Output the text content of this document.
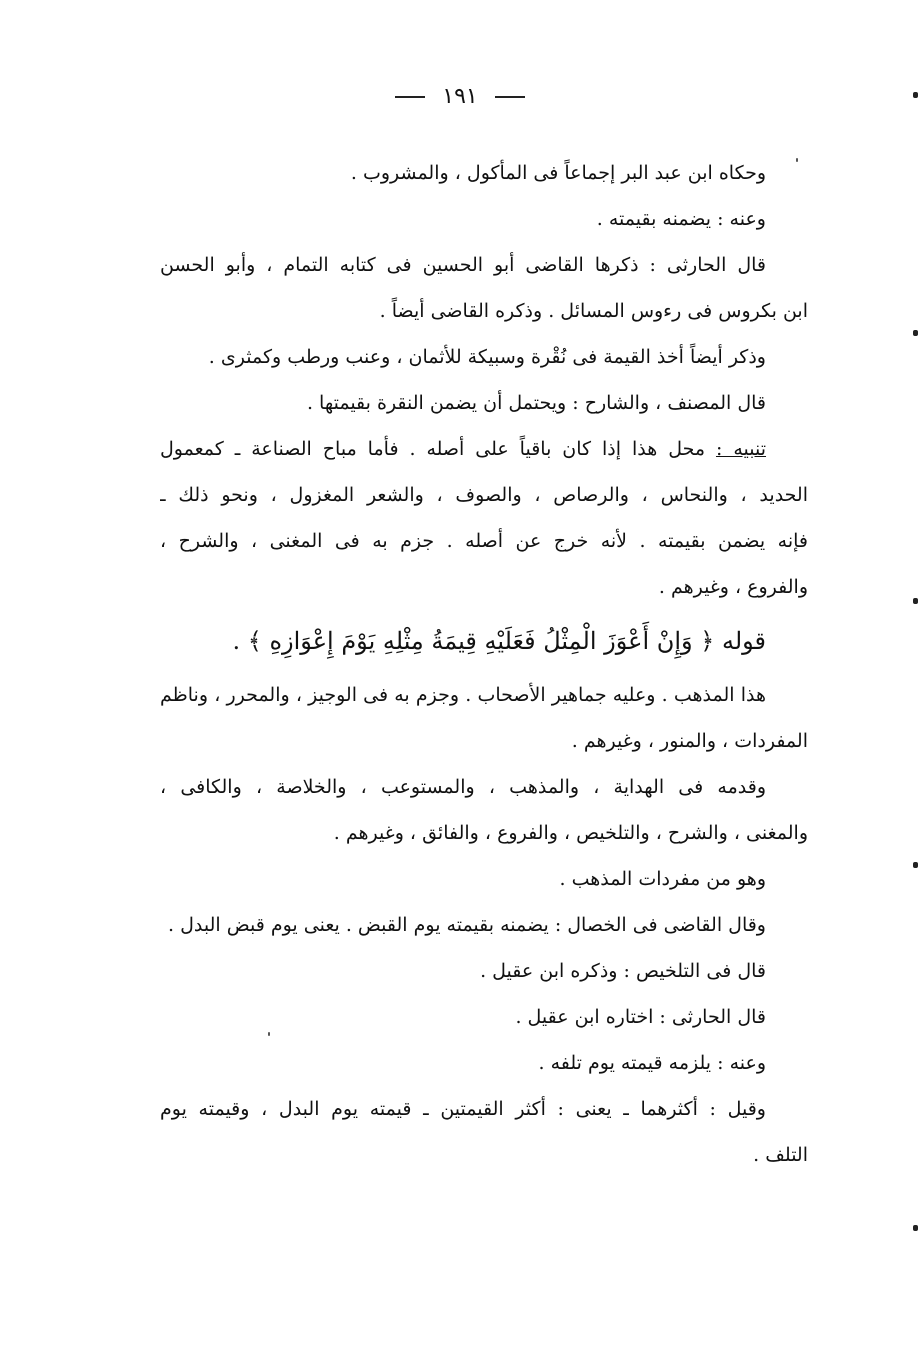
١٩١
وحكاه ابن عبد البر إجماعاً فى المأكول ، والمشروب .
وعنه : يضمنه بقيمته .
قال الحارثى : ذكرها القاضى أبو الحسين فى كتابه التمام ، وأبو الحسن
ابن بكروس فى رءوس المسائل . وذكره القاضى أيضاً .
وذكر أيضاً أخذ القيمة فى نُقْرة وسبيكة للأثمان ، وعنب ورطب وكمثرى .
قال المصنف ، والشارح : ويحتمل أن يضمن النقرة بقيمتها .
تنبيه : محل هذا إذا كان باقياً على أصله . فأما مباح الصناعة ـ كمعمول
الحديد ، والنحاس ، والرصاص ، والصوف ، والشعر المغزول ، ونحو ذلك ـ
فإنه يضمن بقيمته . لأنه خرج عن أصله . جزم به فى المغنى ، والشرح ،
والفروع ، وغيرهم .
قوله ﴿ وَإِنْ أَعْوَزَ الْمِثْلُ فَعَلَيْهِ قِيمَةُ مِثْلِهِ يَوْمَ إِعْوَازِهِ ﴾ .
هذا المذهب . وعليه جماهير الأصحاب . وجزم به فى الوجيز ، والمحرر ، وناظم
المفردات ، والمنور ، وغيرهم .
وقدمه فى الهداية ، والمذهب ، والمستوعب ، والخلاصة ، والكافى ،
والمغنى ، والشرح ، والتلخيص ، والفروع ، والفائق ، وغيرهم .
وهو من مفردات المذهب .
وقال القاضى فى الخصال : يضمنه بقيمته يوم القبض . يعنى يوم قبض البدل .
قال فى التلخيص : وذكره ابن عقيل .
قال الحارثى : اختاره ابن عقيل .
وعنه : يلزمه قيمته يوم تلفه .
وقيل : أكثرهما ـ يعنى : أكثر القيمتين ـ قيمته يوم البدل ، وقيمته يوم
التلف .
